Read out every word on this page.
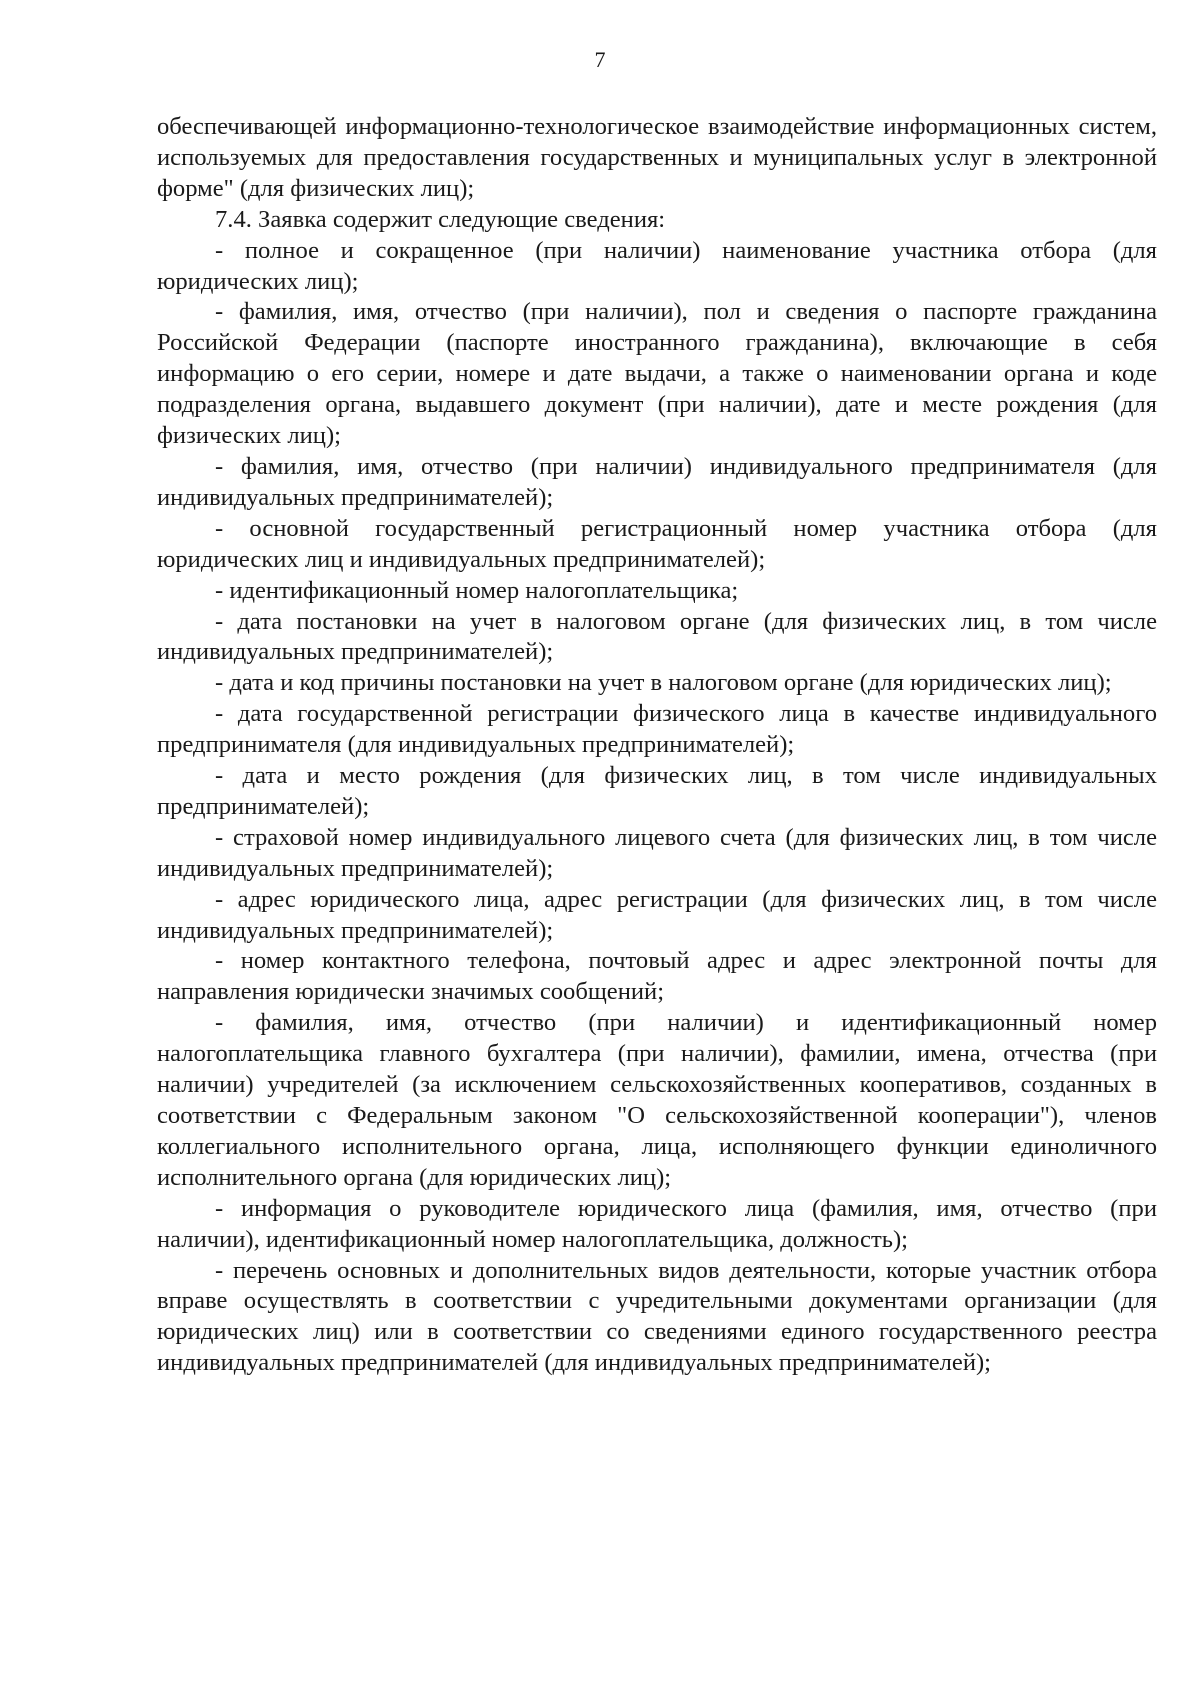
7

обеспечивающей информационно-технологическое взаимодействие информационных систем, используемых для предоставления государственных и муниципальных услуг в электронной форме" (для физических лиц);

7.4. Заявка содержит следующие сведения:

- полное и сокращенное (при наличии) наименование участника отбора (для юридических лиц);

- фамилия, имя, отчество (при наличии), пол и сведения о паспорте гражданина Российской Федерации (паспорте иностранного гражданина), включающие в себя информацию о его серии, номере и дате выдачи, а также о наименовании органа и коде подразделения органа, выдавшего документ (при наличии), дате и месте рождения (для физических лиц);

- фамилия, имя, отчество (при наличии) индивидуального предпринимателя (для индивидуальных предпринимателей);

- основной государственный регистрационный номер участника отбора (для юридических лиц и индивидуальных предпринимателей);

- идентификационный номер налогоплательщика;

- дата постановки на учет в налоговом органе (для физических лиц, в том числе индивидуальных предпринимателей);

- дата и код причины постановки на учет в налоговом органе (для юридических лиц);

- дата государственной регистрации физического лица в качестве индивидуального предпринимателя (для индивидуальных предпринимателей);

- дата и место рождения (для физических лиц, в том числе индивидуальных предпринимателей);

- страховой номер индивидуального лицевого счета (для физических лиц, в том числе индивидуальных предпринимателей);

- адрес юридического лица, адрес регистрации (для физических лиц, в том числе индивидуальных предпринимателей);

- номер контактного телефона, почтовый адрес и адрес электронной почты для направления юридически значимых сообщений;

- фамилия, имя, отчество (при наличии) и идентификационный номер налогоплательщика главного бухгалтера (при наличии), фамилии, имена, отчества (при наличии) учредителей (за исключением сельскохозяйственных кооперативов, созданных в соответствии с Федеральным законом "О сельскохозяйственной кооперации"), членов коллегиального исполнительного органа, лица, исполняющего функции единоличного исполнительного органа (для юридических лиц);

- информация о руководителе юридического лица (фамилия, имя, отчество (при наличии), идентификационный номер налогоплательщика, должность);

- перечень основных и дополнительных видов деятельности, которые участник отбора вправе осуществлять в соответствии с учредительными документами организации (для юридических лиц) или в соответствии со сведениями единого государственного реестра индивидуальных предпринимателей (для индивидуальных предпринимателей);
